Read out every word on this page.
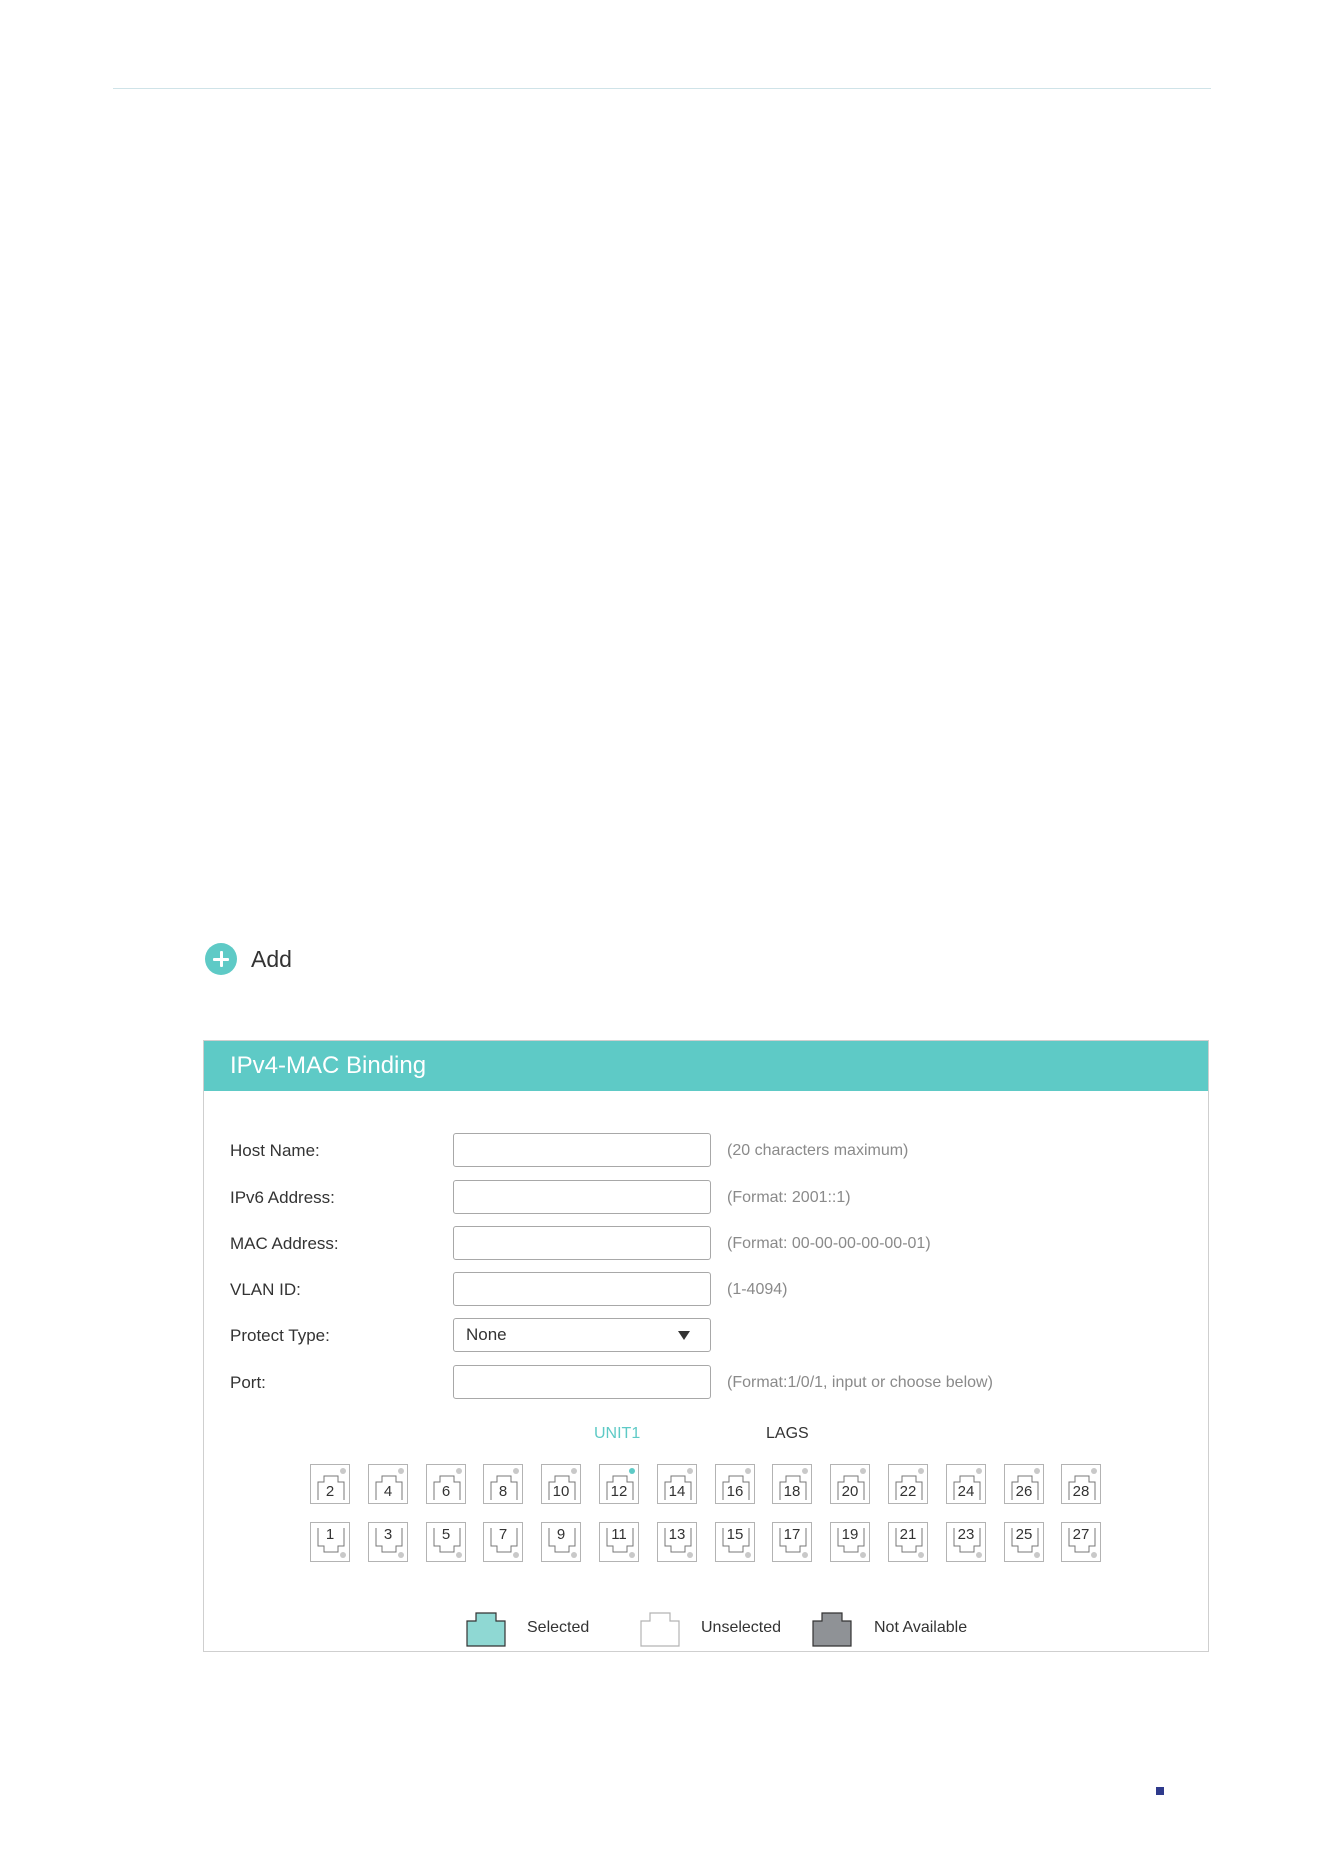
Add
IPv4-MAC Binding
Host Name:	(20 characters maximum)
IPv6 Address:	(Format: 2001::1)
MAC Address:	(Format: 00-00-00-00-00-01)
VLAN ID:	(1-4094)
Protect Type:	None
Port:	(Format:1/0/1, input or choose below)
UNIT1	LAGS
2	4	6	8	10	12	14	16	18	20	22	24	26	28
1	3	5	7	9	11	13	15	17	19	21	23	25	27
Selected	Unselected	Not Available
